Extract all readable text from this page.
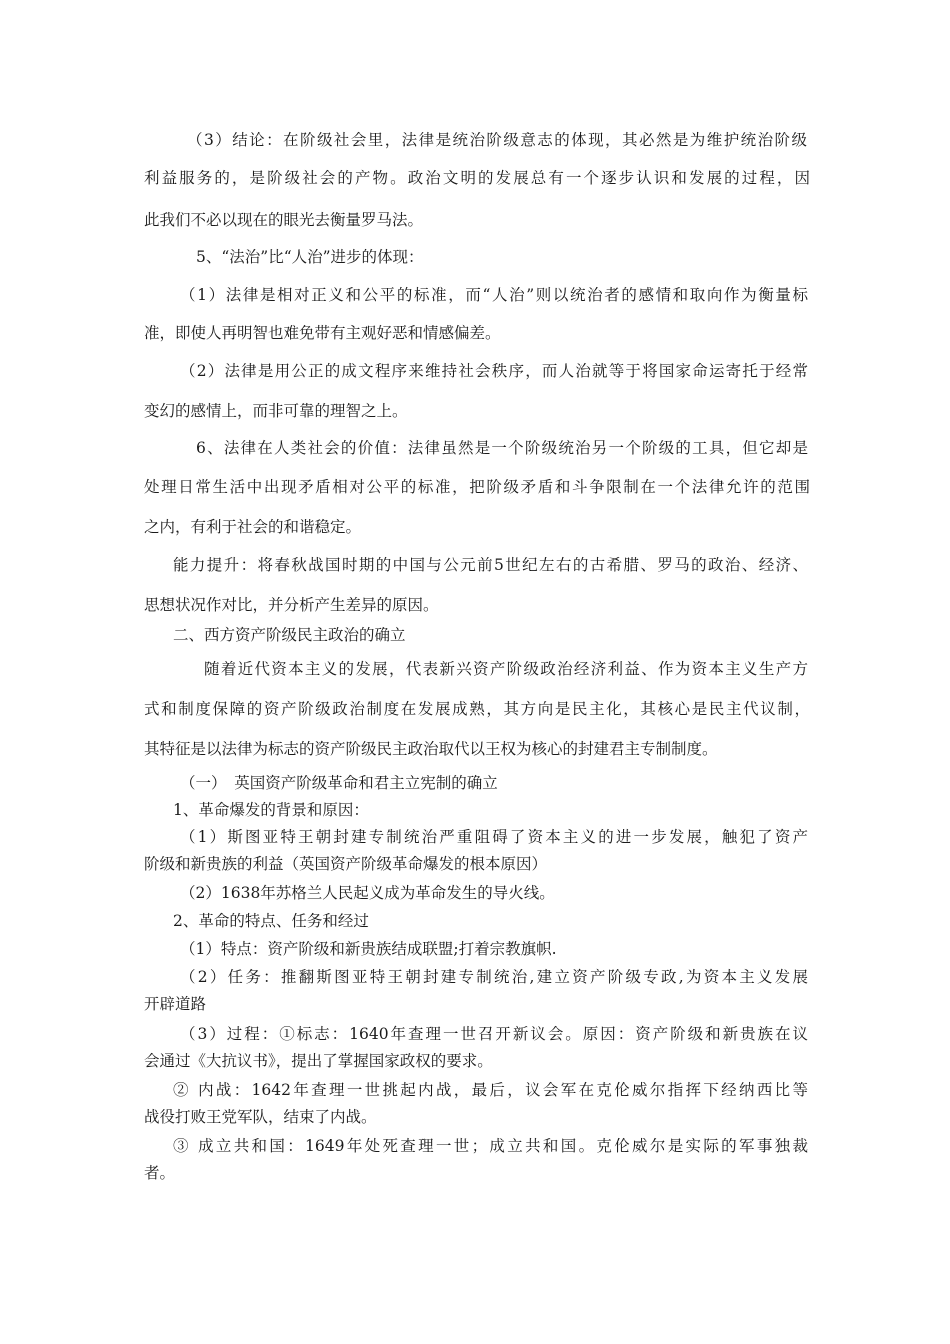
（3）结论：在阶级社会里，法律是统治阶级意志的体现，其必然是为维护统治阶级

利益服务的，是阶级社会的产物。政治文明的发展总有一个逐步认识和发展的过程，因

此我们不必以现在的眼光去衡量罗马法。

5、“法治”比“人治”进步的体现：

（1）法律是相对正义和公平的标准，而“人治”则以统治者的感情和取向作为衡量标

准，即使人再明智也难免带有主观好恶和情感偏差。

（2）法律是用公正的成文程序来维持社会秩序，而人治就等于将国家命运寄托于经常

变幻的感情上，而非可靠的理智之上。

6、法律在人类社会的价值：法律虽然是一个阶级统治另一个阶级的工具，但它却是

处理日常生活中出现矛盾相对公平的标准，把阶级矛盾和斗争限制在一个法律允许的范围

之内，有利于社会的和谐稳定。

能力提升：将春秋战国时期的中国与公元前5世纪左右的古希腊、罗马的政治、经济、

思想状况作对比，并分析产生差异的原因。

二、西方资产阶级民主政治的确立

随着近代资本主义的发展，代表新兴资产阶级政治经济利益、作为资本主义生产方

式和制度保障的资产阶级政治制度在发展成熟，其方向是民主化，其核心是民主代议制，

其特征是以法律为标志的资产阶级民主政治取代以王权为核心的封建君主专制制度。

（一）　英国资产阶级革命和君主立宪制的确立

1、革命爆发的背景和原因：

（1）斯图亚特王朝封建专制统治严重阻碍了资本主义的进一步发展，触犯了资产

阶级和新贵族的利益（英国资产阶级革命爆发的根本原因）

（2）1638年苏格兰人民起义成为革命发生的导火线。

2、革命的特点、任务和经过

（1）特点：资产阶级和新贵族结成联盟;打着宗教旗帜.

（2）任务：推翻斯图亚特王朝封建专制统治,建立资产阶级专政,为资本主义发展

开辟道路

（3）过程：①标志：1640年查理一世召开新议会。原因：资产阶级和新贵族在议

会通过《大抗议书》，提出了掌握国家政权的要求。

② 内战：1642年查理一世挑起内战，最后，议会军在克伦威尔指挥下经纳西比等

战役打败王党军队，结束了内战。

③ 成立共和国：1649年处死查理一世；成立共和国。克伦威尔是实际的军事独裁

者。
